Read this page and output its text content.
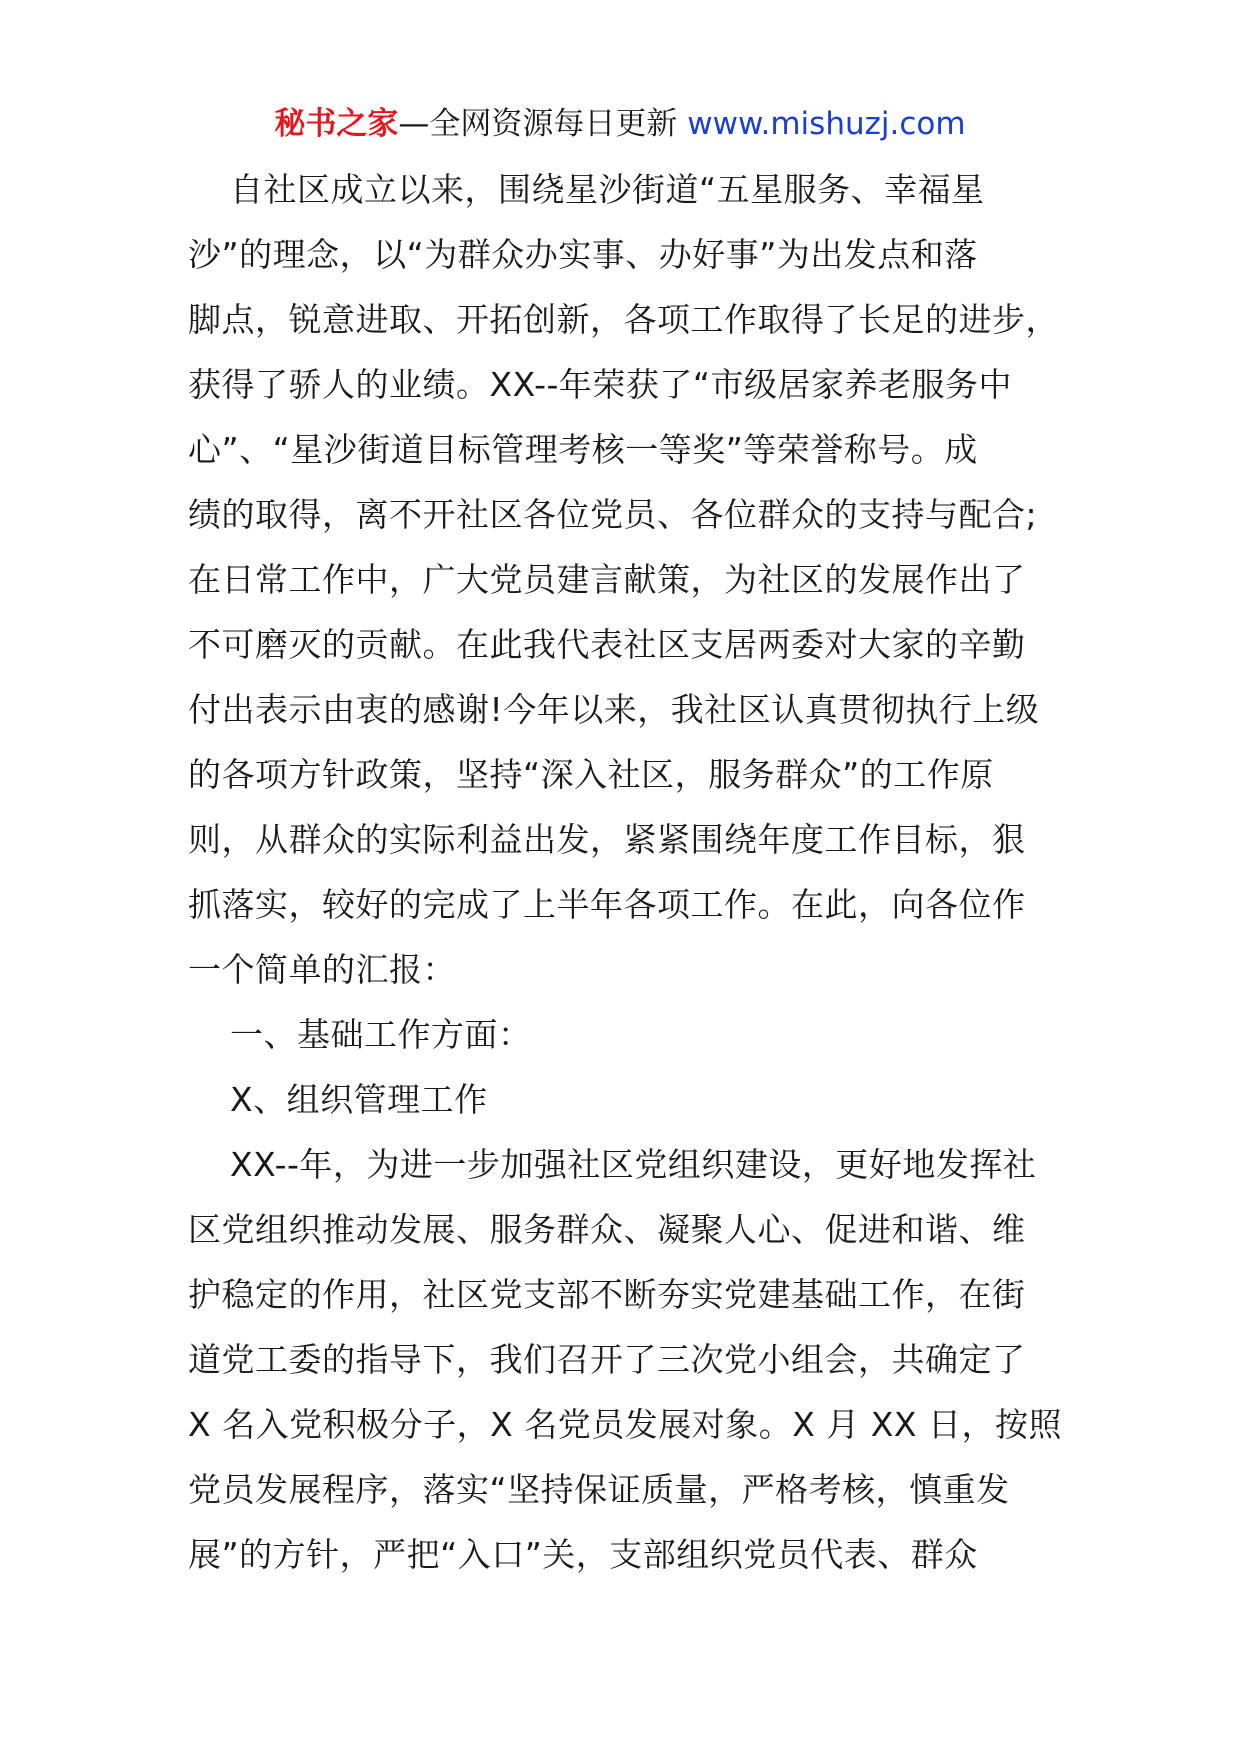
秘书之家—全网资源每日更新 www.mishuzj.com
自社区成立以来，围绕星沙街道“五星服务、幸福星
沙”的理念，以“为群众办实事、办好事”为出发点和落
脚点，锐意进取、开拓创新，各项工作取得了长足的进步，
获得了骄人的业绩。XX--年荣获了“市级居家养老服务中
心”、“星沙街道目标管理考核一等奖”等荣誉称号。成
绩的取得，离不开社区各位党员、各位群众的支持与配合;
在日常工作中，广大党员建言献策，为社区的发展作出了
不可磨灭的贡献。在此我代表社区支居两委对大家的辛勤
付出表示由衷的感谢!今年以来，我社区认真贯彻执行上级
的各项方针政策，坚持“深入社区，服务群众”的工作原
则，从群众的实际利益出发，紧紧围绕年度工作目标，狠
抓落实，较好的完成了上半年各项工作。在此，向各位作
一个简单的汇报：
一、基础工作方面：
X、组织管理工作
XX--年，为进一步加强社区党组织建设，更好地发挥社
区党组织推动发展、服务群众、凝聚人心、促进和谐、维
护稳定的作用，社区党支部不断夯实党建基础工作，在街
道党工委的指导下，我们召开了三次党小组会，共确定了
X 名入党积极分子，X 名党员发展对象。X 月 XX 日，按照
党员发展程序，落实“坚持保证质量，严格考核，慎重发
展”的方针，严把“入口”关，支部组织党员代表、群众
